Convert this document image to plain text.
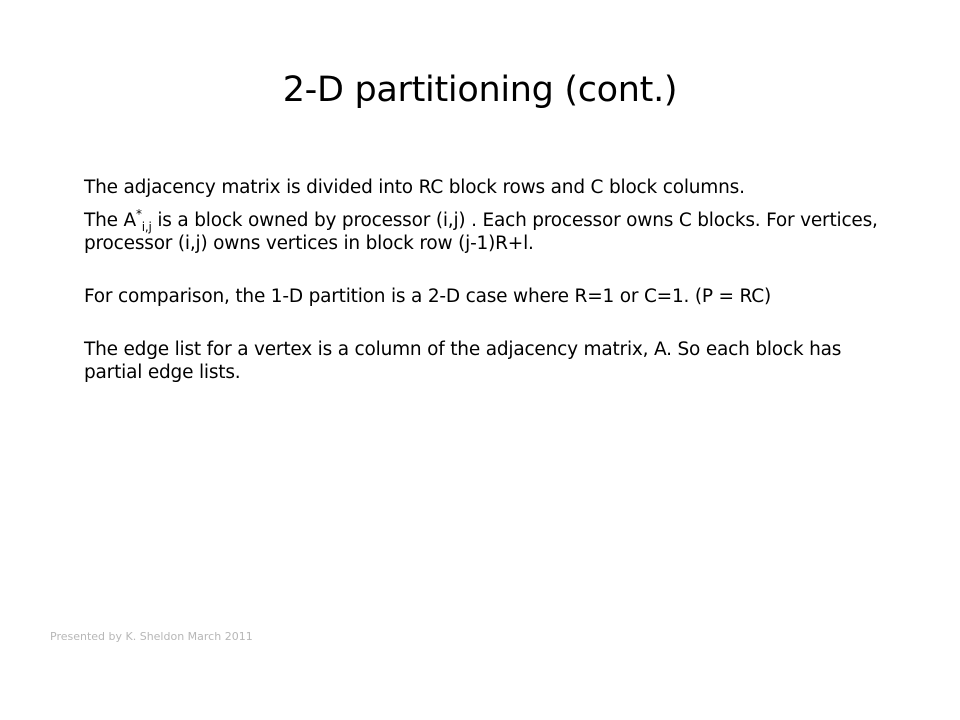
2-D partitioning (cont.)

The adjacency matrix is divided into RC block rows and C block columns.

The $A^*_{i,j}$ is a block owned by processor (i,j) . Each processor owns C blocks. For vertices, processor (i,j) owns vertices in block row (j-1)R+l.

For comparison, the 1-D partition is a 2-D case where R=1 or C=1. (P = RC)

The edge list for a vertex is a column of the adjacency matrix, A. So each block has partial edge lists.

Presented by K. Sheldon March 2011
